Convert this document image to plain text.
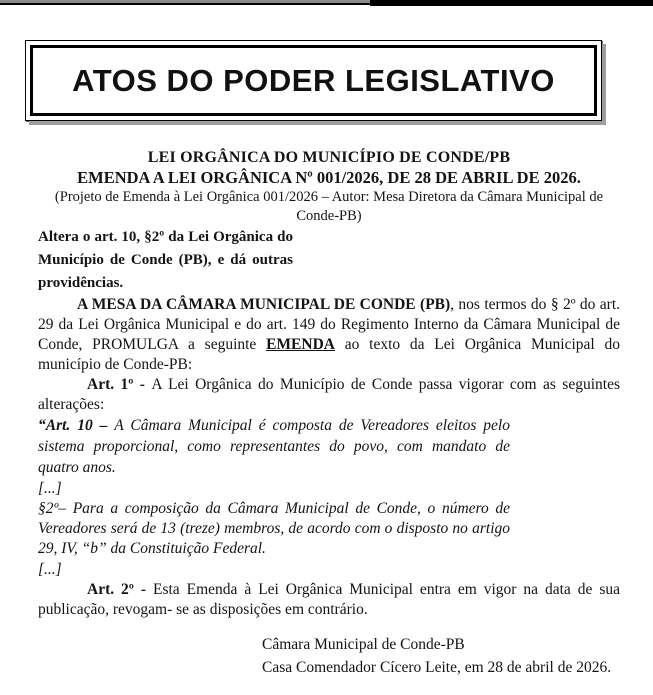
ATOS DO PODER LEGISLATIVO

LEI ORGÂNICA DO MUNICÍPIO DE CONDE/PB

EMENDA A LEI ORGÂNICA Nº 001/2026, DE 28 DE ABRIL DE 2026.

(Projeto de Emenda à Lei Orgânica 001/2026 – Autor: Mesa Diretora da Câmara Municipal de Conde-PB)

Altera o art. 10, §2º da Lei Orgânica do Município de Conde (PB), e dá outras providências.

A MESA DA CÂMARA MUNICIPAL DE CONDE (PB), nos termos do § 2º do art. 29 da Lei Orgânica Municipal e do art. 149 do Regimento Interno da Câmara Municipal de Conde, PROMULGA a seguinte EMENDA ao texto da Lei Orgânica Municipal do município de Conde-PB:

Art. 1º - A Lei Orgânica do Município de Conde passa vigorar com as seguintes alterações:

“Art. 10 – A Câmara Municipal é composta de Vereadores eleitos pelo sistema proporcional, como representantes do povo, com mandato de quatro anos.

[...]

§2º– Para a composição da Câmara Municipal de Conde, o número de Vereadores será de 13 (treze) membros, de acordo com o disposto no artigo 29, IV, “b” da Constituição Federal.

[...]

Art. 2º - Esta Emenda à Lei Orgânica Municipal entra em vigor na data de sua publicação, revogam- se as disposições em contrário.

Câmara Municipal de Conde-PB
Casa Comendador Cícero Leite, em 28 de abril de 2026.
